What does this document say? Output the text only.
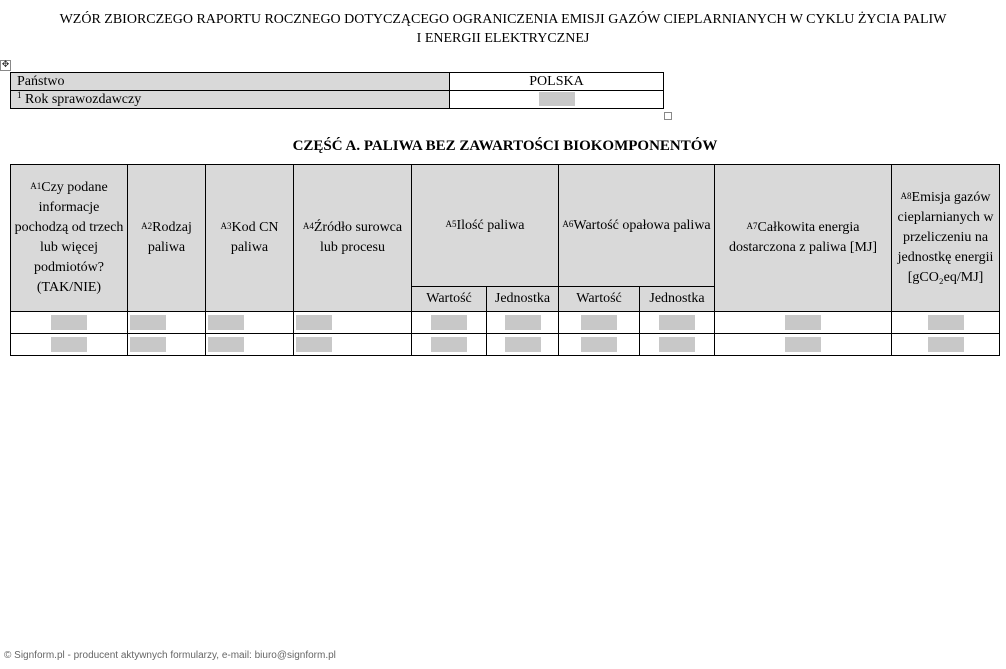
WZÓR ZBIORCZEGO RAPORTU ROCZNEGO DOTYCZĄCEGO OGRANICZENIA EMISJI GAZÓW CIEPLARNIANYCH W CYKLU ŻYCIA PALIW
I ENERGII ELEKTRYCZNEJ
✥
Państwo	POLSKA
$^1$ Rok sprawozdawczy	
CZĘŚĆ A. PALIWA BEZ ZAWARTOŚCI BIOKOMPONENTÓW
$^{A1}$Czy podane informacje pochodzą od trzech lub więcej podmiotów? (TAK/NIE)	$^{A2}$Rodzaj paliwa	$^{A3}$Kod CN paliwa	$^{A4}$Źródło surowca lub procesu	$^{A5}$Ilość paliwa		$^{A6}$Wartość opałowa paliwa		$^{A7}$Całkowita energia dostarczona z paliwa [MJ]	$^{A8}$Emisja gazów cieplarnianych w przeliczeniu na jednostkę energii [gCO₂eq/MJ]
				Wartość	Jednostka	Wartość	Jednostka		

© Signform.pl - producent aktywnych formularzy, e-mail: biuro@signform.pl
